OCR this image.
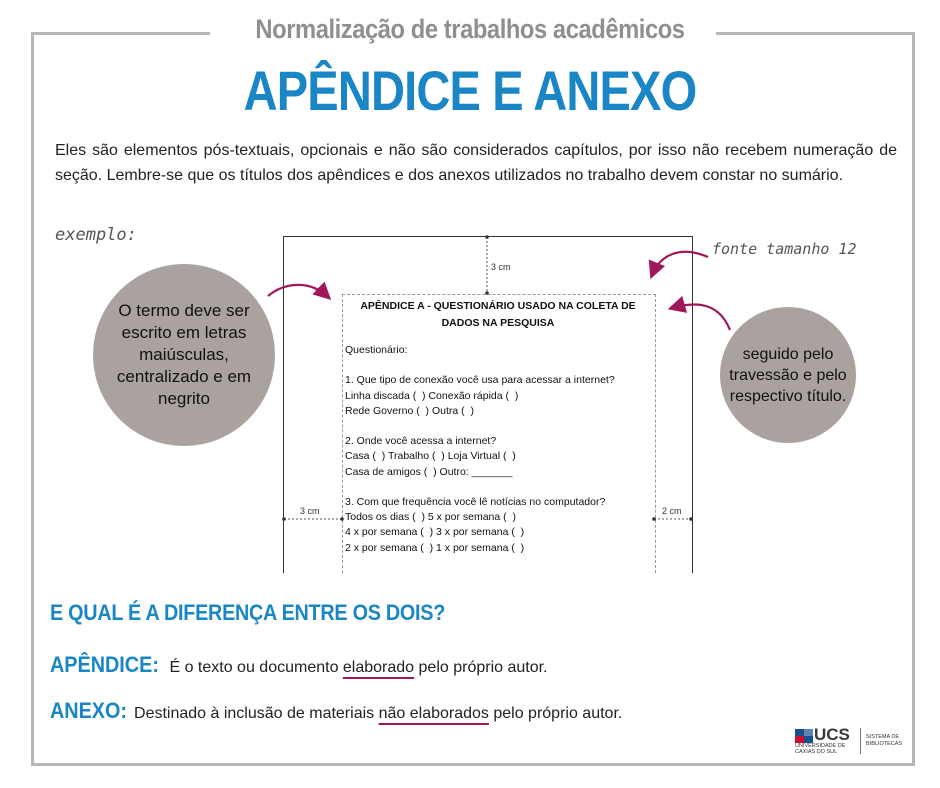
Normalização de trabalhos acadêmicos
APÊNDICE E ANEXO
Eles são elementos pós-textuais, opcionais e não são considerados capítulos, por isso não recebem numeração de seção. Lembre-se que os títulos dos apêndices e dos anexos utilizados no trabalho devem constar no sumário.
exemplo:
fonte tamanho 12
O termo deve ser escrito em letras maiúsculas, centralizado e em negrito
seguido pelo travessão e pelo respectivo título.
3 cm
3 cm	2 cm
APÊNDICE A - QUESTIONÁRIO USADO NA COLETA DE DADOS NA PESQUISA
Questionário:

1. Que tipo de conexão você usa para acessar a internet?
Linha discada (  ) Conexão rápida (  )
Rede Governo (  ) Outra (  )

2. Onde você acessa a internet?
Casa (  ) Trabalho (  ) Loja Virtual (  )
Casa de amigos (  ) Outro: _______

3. Com que frequência você lê notícias no computador?
Todos os dias (  ) 5 x por semana (  )
4 x por semana (  ) 3 x por semana (  )
2 x por semana (  ) 1 x por semana (  )
E QUAL É A DIFERENÇA ENTRE OS DOIS?
APÊNDICE: É o texto ou documento elaborado pelo próprio autor.
ANEXO: Destinado à inclusão de materiais não elaborados pelo próprio autor.
UCS
UNIVERSIDADE DE CAXIAS DO SUL
SISTEMA DE BIBLIOTECAS
